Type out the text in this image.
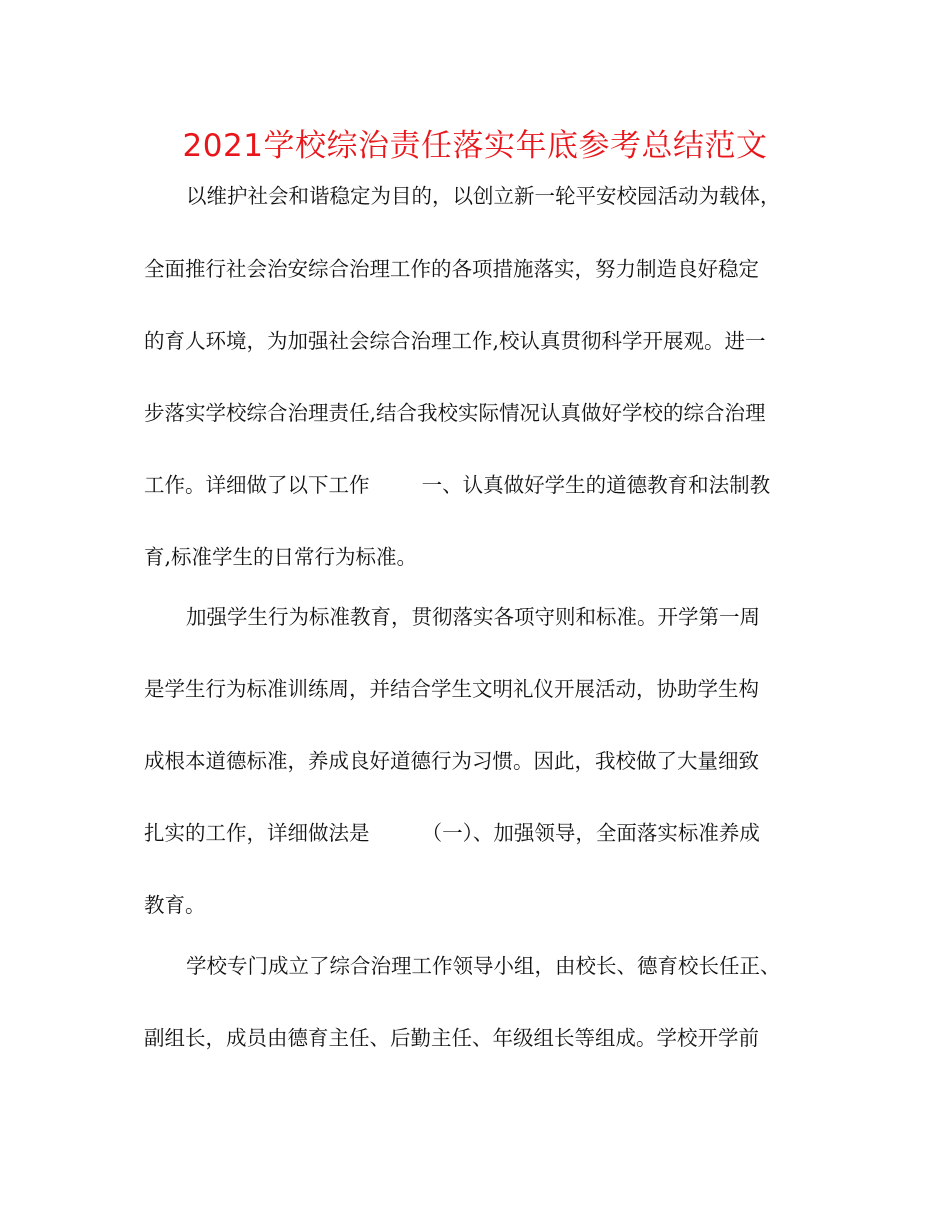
2021学校综治责任落实年底参考总结范文
以维护社会和谐稳定为目的，以创立新一轮平安校园活动为载体，
全面推行社会治安综合治理工作的各项措施落实，努力制造良好稳定
的育人环境，为加强社会综合治理工作,校认真贯彻科学开展观。进一
步落实学校综合治理责任,结合我校实际情况认真做好学校的综合治理
工作。详细做了以下工作        一、认真做好学生的道德教育和法制教
育,标准学生的日常行为标准。
加强学生行为标准教育，贯彻落实各项守则和标准。开学第一周
是学生行为标准训练周，并结合学生文明礼仪开展活动，协助学生构
成根本道德标准，养成良好道德行为习惯。因此，我校做了大量细致
扎实的工作，详细做法是        （一）、加强领导，全面落实标准养成
教育。
学校专门成立了综合治理工作领导小组，由校长、德育校长任正、
副组长，成员由德育主任、后勤主任、年级组长等组成。学校开学前
